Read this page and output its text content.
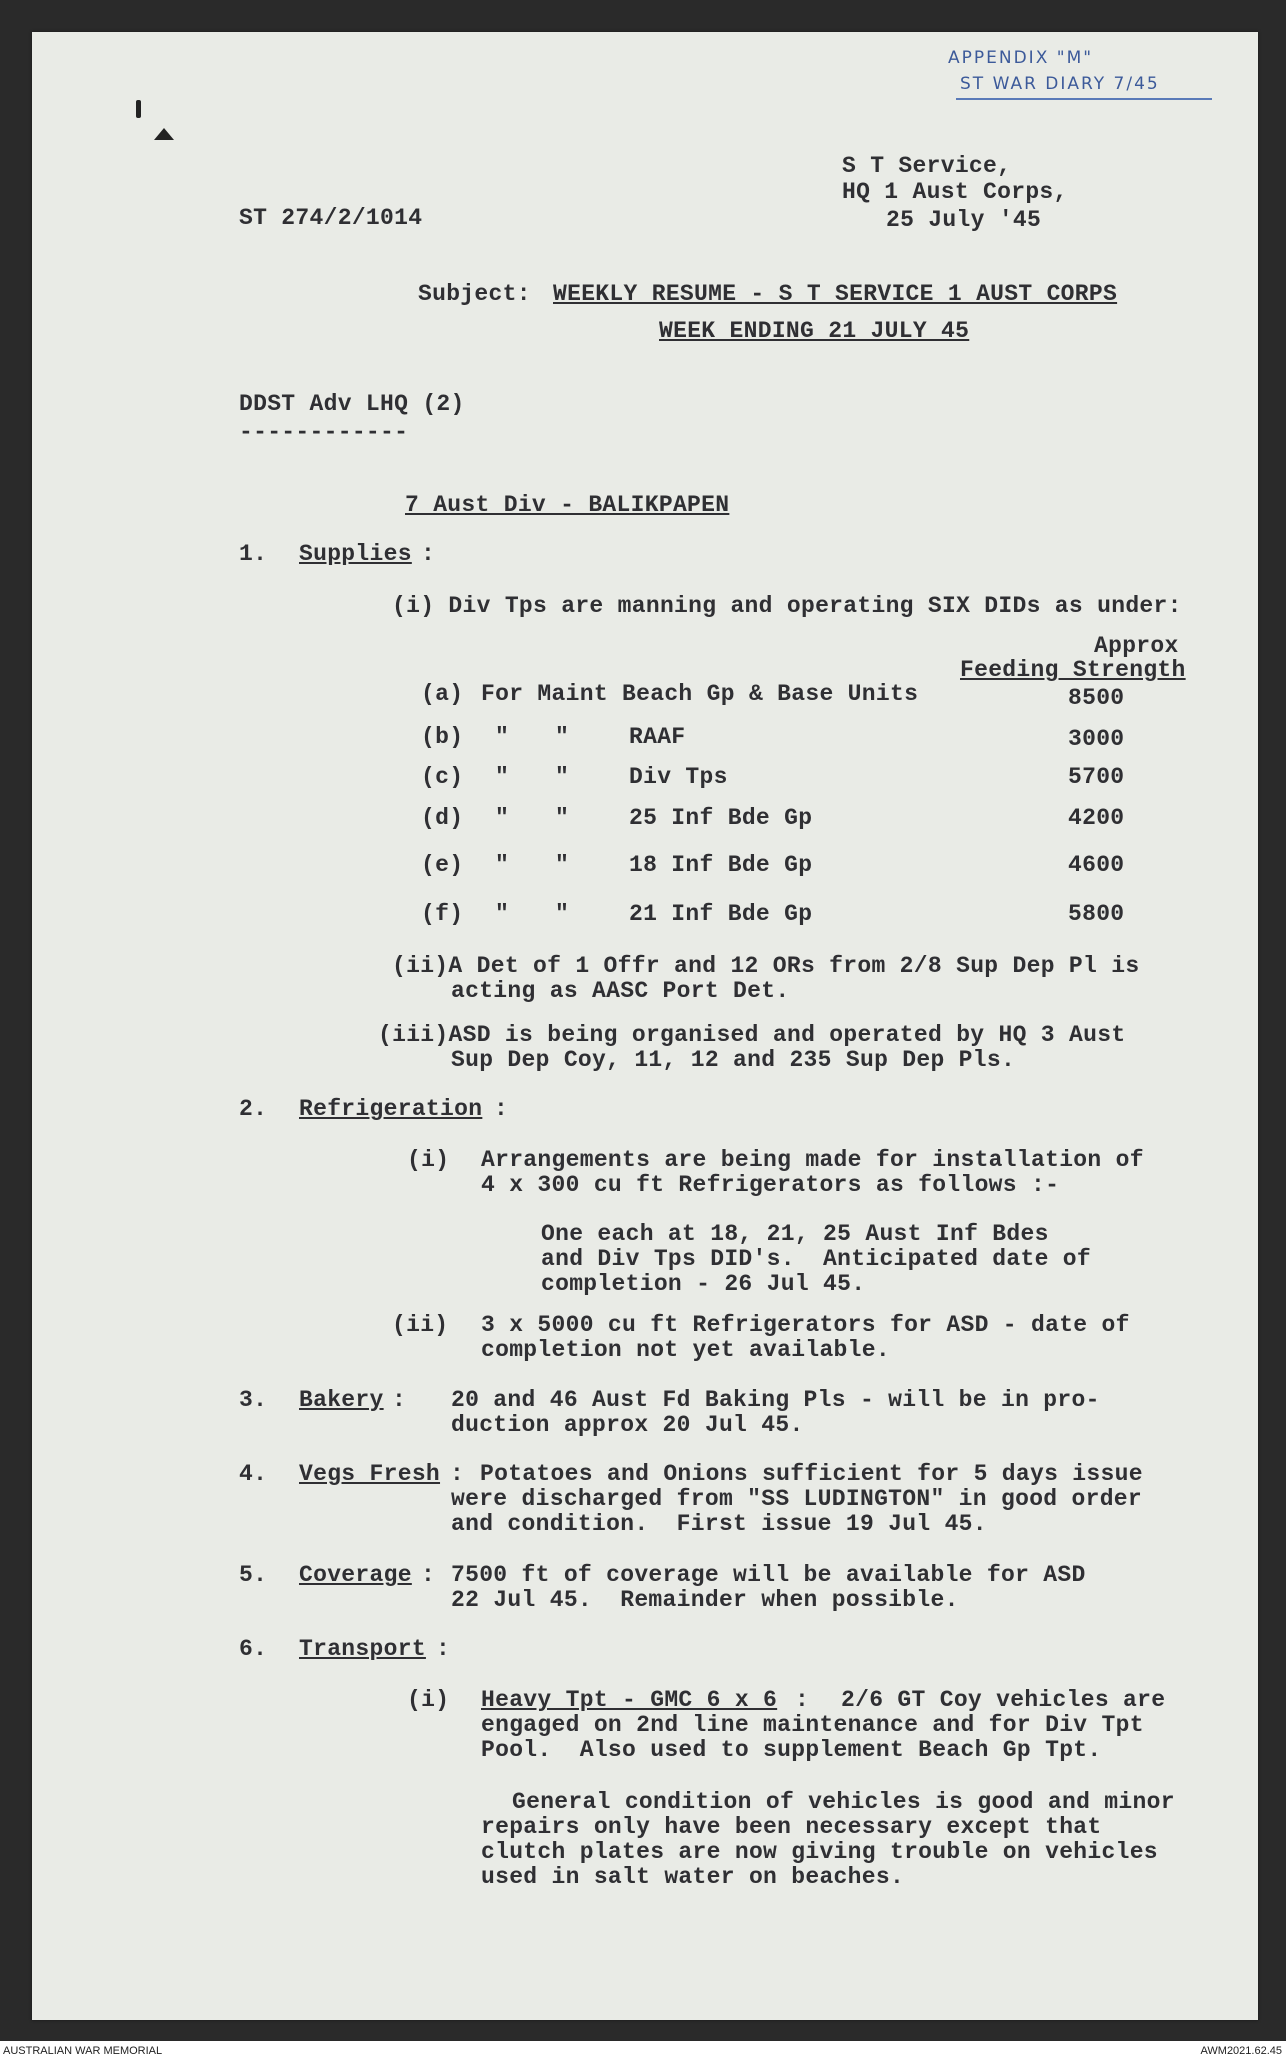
APPENDIX "M"
ST WAR DIARY 7/45
ST 274/2/1014
S T Service,
HQ 1 Aust Corps,
25 July '45
Subject: WEEKLY RESUME - S T SERVICE 1 AUST CORPS
WEEK ENDING 21 JULY 45
DDST Adv LHQ (2)
------------
7 Aust Div - BALIKPAPEN
1. Supplies :
(i) Div Tps are manning and operating SIX DIDs as under:
Approx
Feeding Strength
(a) For Maint Beach Gp & Base Units	8500
(b) " "	RAAF	3000
(c) " "	Div Tps	5700
(d) " "	25 Inf Bde Gp	4200
(e) " "	18 Inf Bde Gp	4600
(f) " "	21 Inf Bde Gp	5800
(ii)A Det of 1 Offr and 12 ORs from 2/8 Sup Dep Pl is
acting as AASC Port Det.
(iii)ASD is being organised and operated by HQ 3 Aust
Sup Dep Coy, 11, 12 and 235 Sup Dep Pls.
2. Refrigeration :
(i) Arrangements are being made for installation of
4 x 300 cu ft Refrigerators as follows :-
One each at 18, 21, 25 Aust Inf Bdes
and Div Tps DID's.  Anticipated date of
completion - 26 Jul 45.
(ii) 3 x 5000 cu ft Refrigerators for ASD - date of
completion not yet available.
3. Bakery : 20 and 46 Aust Fd Baking Pls - will be in pro-
duction approx 20 Jul 45.
4. Vegs Fresh : Potatoes and Onions sufficient for 5 days issue
were discharged from "SS LUDINGTON" in good order
and condition.  First issue 19 Jul 45.
5. Coverage : 7500 ft of coverage will be available for ASD
22 Jul 45.  Remainder when possible.
6. Transport :
(i) Heavy Tpt - GMC 6 x 6 : 2/6 GT Coy vehicles are
engaged on 2nd line maintenance and for Div Tpt
Pool.  Also used to supplement Beach Gp Tpt.
General condition of vehicles is good and minor
repairs only have been necessary except that
clutch plates are now giving trouble on vehicles
used in salt water on beaches.
AUSTRALIAN WAR MEMORIAL	AWM2021.62.45
